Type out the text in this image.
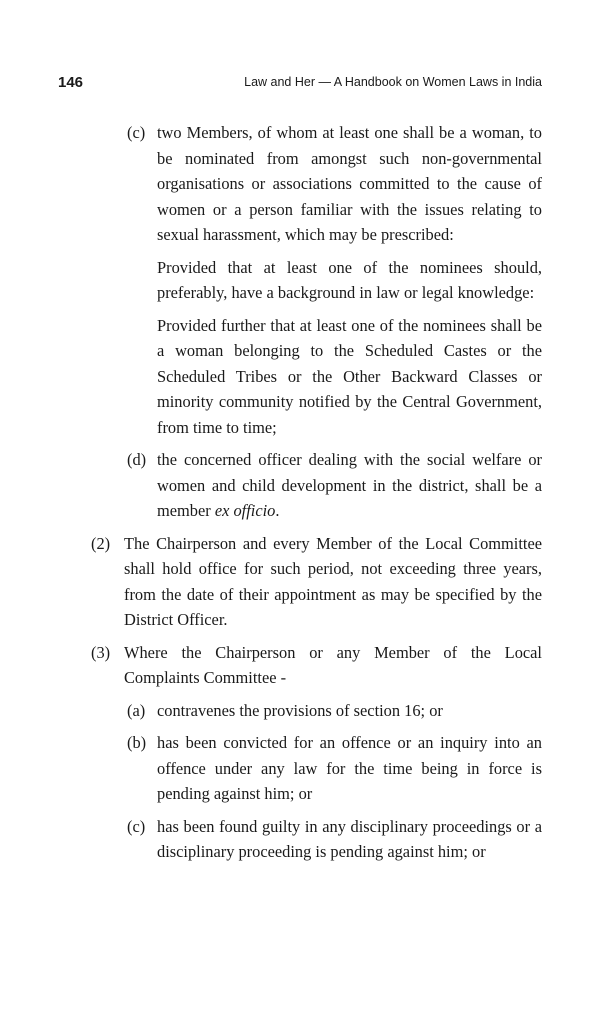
146	Law and Her — A Handbook on Women Laws in India
(c) two Members, of whom at least one shall be a woman, to be nominated from amongst such non-governmental organisations or associations committed to the cause of women or a person familiar with the issues relating to sexual harassment, which may be prescribed:
Provided that at least one of the nominees should, preferably, have a background in law or legal knowledge:
Provided further that at least one of the nominees shall be a woman belonging to the Scheduled Castes or the Scheduled Tribes or the Other Backward Classes or minority community notified by the Central Government, from time to time;
(d) the concerned officer dealing with the social welfare or women and child development in the district, shall be a member ex officio.
(2) The Chairperson and every Member of the Local Committee shall hold office for such period, not exceeding three years, from the date of their appointment as may be specified by the District Officer.
(3) Where the Chairperson or any Member of the Local Complaints Committee -
(a) contravenes the provisions of section 16; or
(b) has been convicted for an offence or an inquiry into an offence under any law for the time being in force is pending against him; or
(c) has been found guilty in any disciplinary proceedings or a disciplinary proceeding is pending against him; or
